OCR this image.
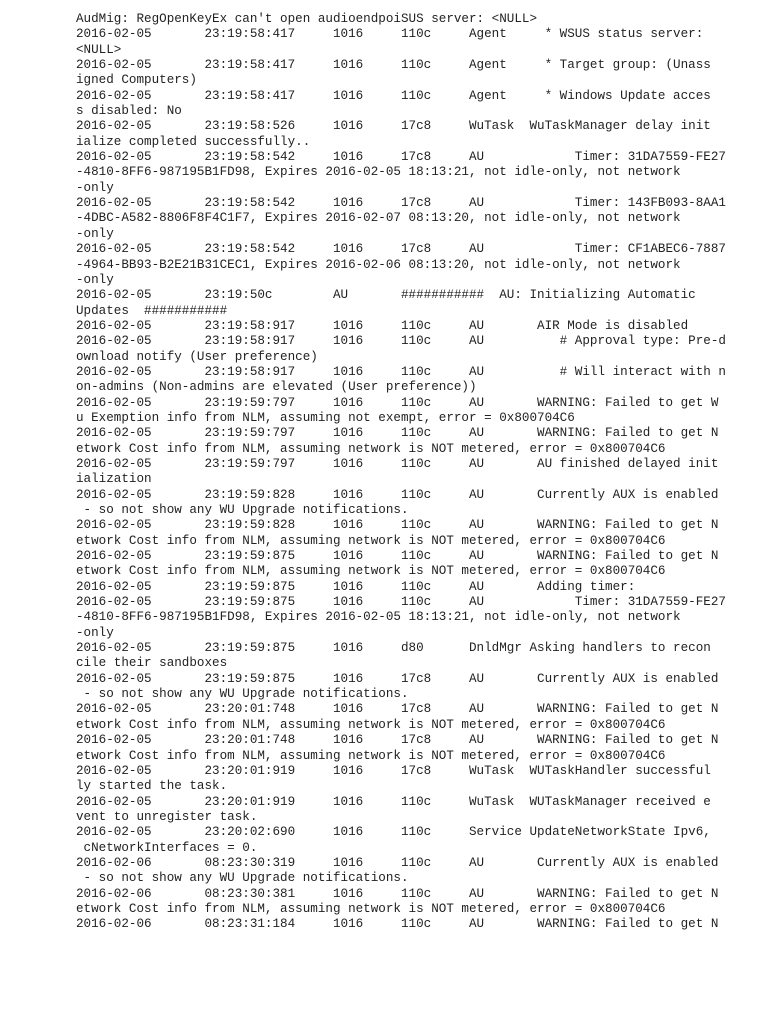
AudMig: RegOpenKeyEx can't open audioendpoiSUS server: <NULL>
2016-02-05       23:19:58:417     1016     110c     Agent     * WSUS status server:
<NULL>
2016-02-05       23:19:58:417     1016     110c     Agent     * Target group: (Unass
igned Computers)
2016-02-05       23:19:58:417     1016     110c     Agent     * Windows Update acces
s disabled: No
2016-02-05       23:19:58:526     1016     17c8     WuTask  WuTaskManager delay init
ialize completed successfully..
2016-02-05       23:19:58:542     1016     17c8     AU            Timer: 31DA7559-FE27
-4810-8FF6-987195B1FD98, Expires 2016-02-05 18:13:21, not idle-only, not network
-only
2016-02-05       23:19:58:542     1016     17c8     AU            Timer: 143FB093-8AA1
-4DBC-A582-8806F8F4C1F7, Expires 2016-02-07 08:13:20, not idle-only, not network
-only
2016-02-05       23:19:58:542     1016     17c8     AU            Timer: CF1ABEC6-7887
-4964-BB93-B2E21B31CEC1, Expires 2016-02-06 08:13:20, not idle-only, not network
-only
2016-02-05       23:19:50c        AU       ###########  AU: Initializing Automatic
Updates  ###########
2016-02-05       23:19:58:917     1016     110c     AU       AIR Mode is disabled
2016-02-05       23:19:58:917     1016     110c     AU          # Approval type: Pre-d
ownload notify (User preference)
2016-02-05       23:19:58:917     1016     110c     AU          # Will interact with n
on-admins (Non-admins are elevated (User preference))
2016-02-05       23:19:59:797     1016     110c     AU       WARNING: Failed to get W
u Exemption info from NLM, assuming not exempt, error = 0x800704C6
2016-02-05       23:19:59:797     1016     110c     AU       WARNING: Failed to get N
etwork Cost info from NLM, assuming network is NOT metered, error = 0x800704C6
2016-02-05       23:19:59:797     1016     110c     AU       AU finished delayed init
ialization
2016-02-05       23:19:59:828     1016     110c     AU       Currently AUX is enabled
- so not show any WU Upgrade notifications.
2016-02-05       23:19:59:828     1016     110c     AU       WARNING: Failed to get N
etwork Cost info from NLM, assuming network is NOT metered, error = 0x800704C6
2016-02-05       23:19:59:875     1016     110c     AU       WARNING: Failed to get N
etwork Cost info from NLM, assuming network is NOT metered, error = 0x800704C6
2016-02-05       23:19:59:875     1016     110c     AU       Adding timer:
2016-02-05       23:19:59:875     1016     110c     AU            Timer: 31DA7559-FE27
-4810-8FF6-987195B1FD98, Expires 2016-02-05 18:13:21, not idle-only, not network
-only
2016-02-05       23:19:59:875     1016     d80      DnldMgr Asking handlers to recon
cile their sandboxes
2016-02-05       23:19:59:875     1016     17c8     AU       Currently AUX is enabled
- so not show any WU Upgrade notifications.
2016-02-05       23:20:01:748     1016     17c8     AU       WARNING: Failed to get N
etwork Cost info from NLM, assuming network is NOT metered, error = 0x800704C6
2016-02-05       23:20:01:748     1016     17c8     AU       WARNING: Failed to get N
etwork Cost info from NLM, assuming network is NOT metered, error = 0x800704C6
2016-02-05       23:20:01:919     1016     17c8     WuTask  WUTaskHandler successful
ly started the task.
2016-02-05       23:20:01:919     1016     110c     WuTask  WUTaskManager received e
vent to unregister task.
2016-02-05       23:20:02:690     1016     110c     Service UpdateNetworkState Ipv6,
cNetworkInterfaces = 0.
2016-02-06       08:23:30:319     1016     110c     AU       Currently AUX is enabled
- so not show any WU Upgrade notifications.
2016-02-06       08:23:30:381     1016     110c     AU       WARNING: Failed to get N
etwork Cost info from NLM, assuming network is NOT metered, error = 0x800704C6
2016-02-06       08:23:31:184     1016     110c     AU       WARNING: Failed to get N
